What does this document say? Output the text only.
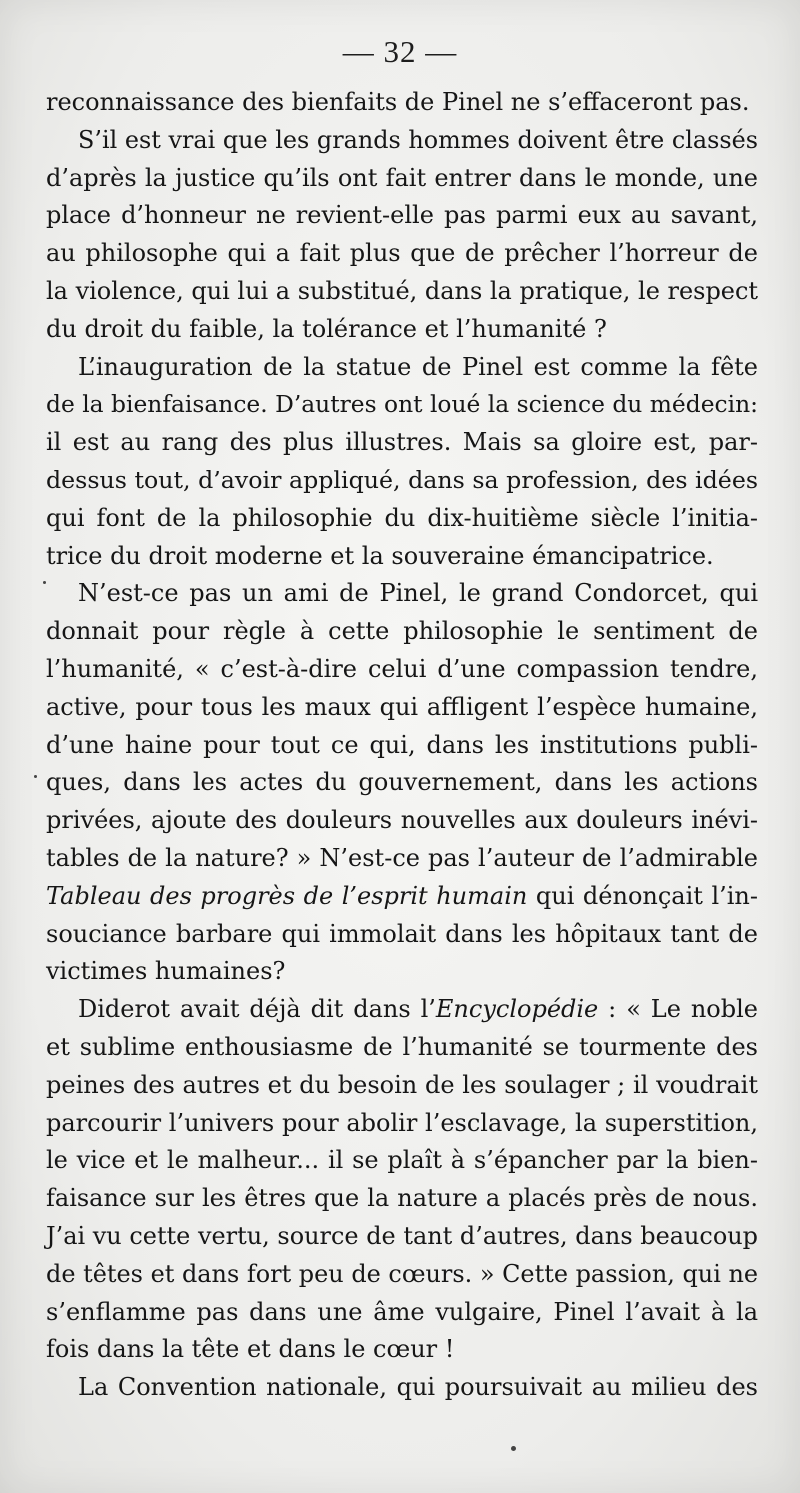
— 32 —
reconnaissance des bienfaits de Pinel ne s’effaceront pas.
S’il est vrai que les grands hommes doivent être classés
d’après la justice qu’ils ont fait entrer dans le monde, une
place d’honneur ne revient-elle pas parmi eux au savant,
au philosophe qui a fait plus que de prêcher l’horreur de
la violence, qui lui a substitué, dans la pratique, le respect
du droit du faible, la tolérance et l’humanité ?
L’inauguration de la statue de Pinel est comme la fête
de la bienfaisance. D’autres ont loué la science du médecin:
il est au rang des plus illustres. Mais sa gloire est, par-
dessus tout, d’avoir appliqué, dans sa profession, des idées
qui font de la philosophie du dix-huitième siècle l’initia-
trice du droit moderne et la souveraine émancipatrice.
N’est-ce pas un ami de Pinel, le grand Condorcet, qui
donnait pour règle à cette philosophie le sentiment de
l’humanité, « c’est-à-dire celui d’une compassion tendre,
active, pour tous les maux qui affligent l’espèce humaine,
d’une haine pour tout ce qui, dans les institutions publi-
ques, dans les actes du gouvernement, dans les actions
privées, ajoute des douleurs nouvelles aux douleurs inévi-
tables de la nature? » N’est-ce pas l’auteur de l’admirable
Tableau des progrès de l’esprit humain qui dénonçait l’in-
souciance barbare qui immolait dans les hôpitaux tant de
victimes humaines?
Diderot avait déjà dit dans l’Encyclopédie : « Le noble
et sublime enthousiasme de l’humanité se tourmente des
peines des autres et du besoin de les soulager ; il voudrait
parcourir l’univers pour abolir l’esclavage, la superstition,
le vice et le malheur... il se plaît à s’épancher par la bien-
faisance sur les êtres que la nature a placés près de nous.
J’ai vu cette vertu, source de tant d’autres, dans beaucoup
de têtes et dans fort peu de cœurs. » Cette passion, qui ne
s’enflamme pas dans une âme vulgaire, Pinel l’avait à la
fois dans la tête et dans le cœur !
La Convention nationale, qui poursuivait au milieu des
